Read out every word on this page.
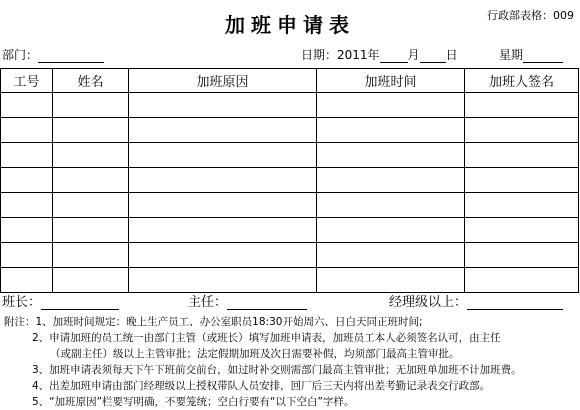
加班申请表	行政部表格：009
部门：	日期：2011年 月 日	星期
工号	姓名	加班原因	加班时间	加班人签名

班长：	主任：	经理级以上：
附注：1、加班时间规定：晚上生产员工、办公室职员18:30开始周六、日白天同正班时间;
2、申请加班的员工统一由部门主管（或班长）填写加班申请表，加班员工本人必须签名认可，由主任
（或副主任）级以上主管审批；法定假期加班及次日需要补假，均须部门最高主管审批。
3、加班申请表须每天下午下班前交前台，如过时补交则需部门最高主管审批；无加班单加班不计加班费。
4、出差加班申请由部门经理级以上授权带队人员安排，回厂后三天内将出差考勤记录表交行政部。
5、“加班原因”栏要写明确，不要笼统；空白行要有“以下空白”字样。
